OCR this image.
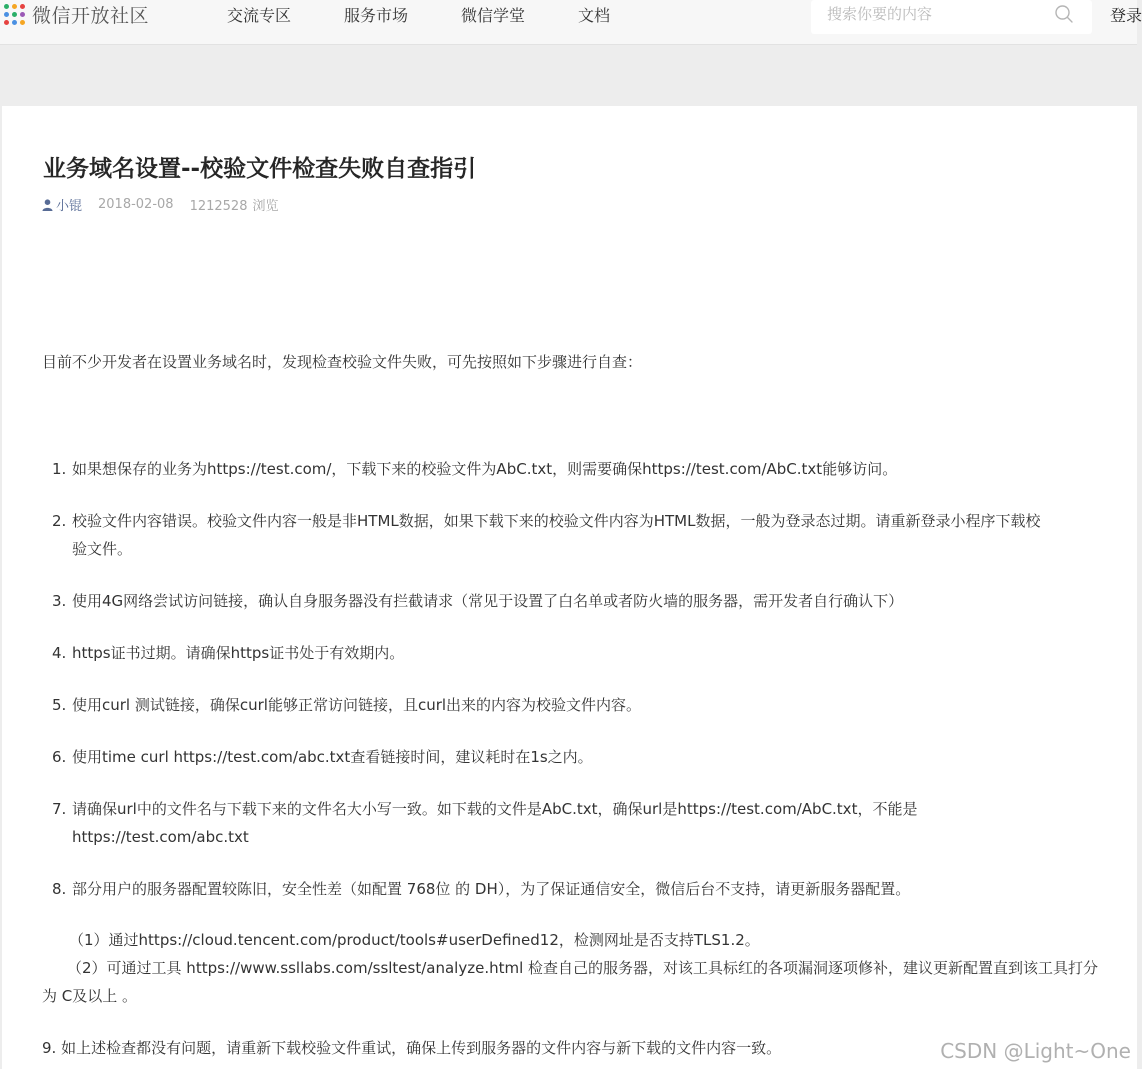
微信开放社区	交流专区	服务市场	微信学堂	文档
搜索你要的内容	登录
业务域名设置--校验文件检查失败自查指引
小锟 2018-02-08 1212528 浏览

目前不少开发者在设置业务域名时，发现检查校验文件失败，可先按照如下步骤进行自查：

1. 如果想保存的业务为https://test.com/，下载下来的校验文件为AbC.txt，则需要确保https://test.com/AbC.txt能够访问。
2. 校验文件内容错误。校验文件内容一般是非HTML数据，如果下载下来的校验文件内容为HTML数据，一般为登录态过期。请重新登录小程序下载校验文件。
3. 使用4G网络尝试访问链接，确认自身服务器没有拦截请求（常见于设置了白名单或者防火墙的服务器，需开发者自行确认下）
4. https证书过期。请确保https证书处于有效期内。
5. 使用curl 测试链接，确保curl能够正常访问链接，且curl出来的内容为校验文件内容。
6. 使用time curl https://test.com/abc.txt查看链接时间，建议耗时在1s之内。
7. 请确保url中的文件名与下载下来的文件名大小写一致。如下载的文件是AbC.txt，确保url是https://test.com/AbC.txt，不能是https://test.com/abc.txt
8. 部分用户的服务器配置较陈旧，安全性差（如配置 768位 的 DH），为了保证通信安全，微信后台不支持，请更新服务器配置。
（1）通过https://cloud.tencent.com/product/tools#userDefined12，检测网址是否支持TLS1.2。
（2）可通过工具 https://www.ssllabs.com/ssltest/analyze.html 检查自己的服务器，对该工具标红的各项漏洞逐项修补，建议更新配置直到该工具打分为 C及以上 。

9. 如上述检查都没有问题，请重新下载校验文件重试，确保上传到服务器的文件内容与新下载的文件内容一致。	CSDN @Light~One
